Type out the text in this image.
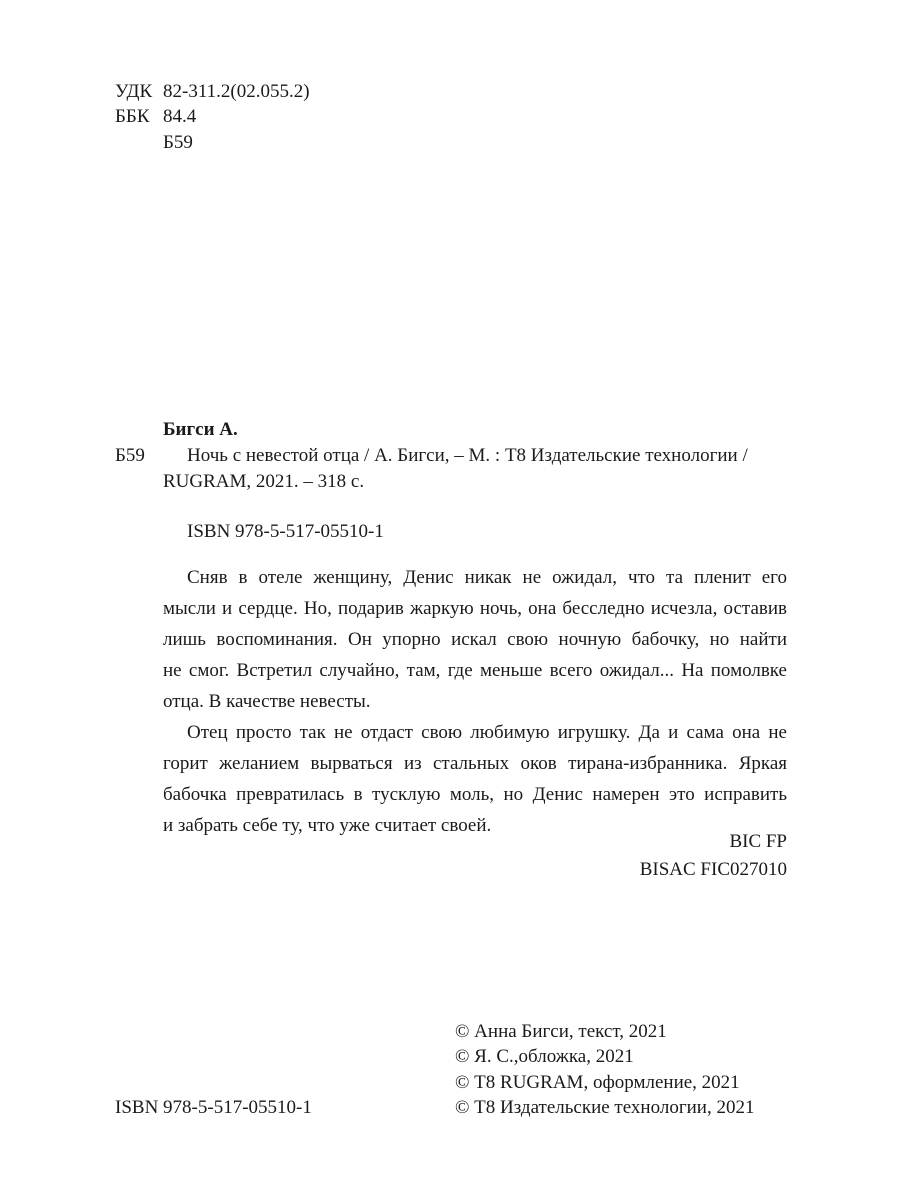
УДК 82-311.2(02.055.2)
ББК 84.4
Б59
Бигси А.
Б59 Ночь с невестой отца / А. Бигси, – М. : Т8 Издательские технологии /
RUGRAM, 2021. – 318 с.
ISBN 978-5-517-05510-1
Сняв в отеле женщину, Денис никак не ожидал, что та пленит его
мысли и сердце. Но, подарив жаркую ночь, она бесследно исчезла, оставив
лишь воспоминания. Он упорно искал свою ночную бабочку, но найти
не смог. Встретил случайно, там, где меньше всего ожидал... На помолвке
отца. В качестве невесты.
Отец просто так не отдаст свою любимую игрушку. Да и сама она не
горит желанием вырваться из стальных оков тирана-избранника. Яркая
бабочка превратилась в тусклую моль, но Денис намерен это исправить
и забрать себе ту, что уже считает своей.
BIC FP
BISAC FIC027010
© Анна Бигси, текст, 2021
© Я. С.,обложка, 2021
© Т8 RUGRAM, оформление, 2021
© Т8 Издательские технологии, 2021
ISBN 978-5-517-05510-1
